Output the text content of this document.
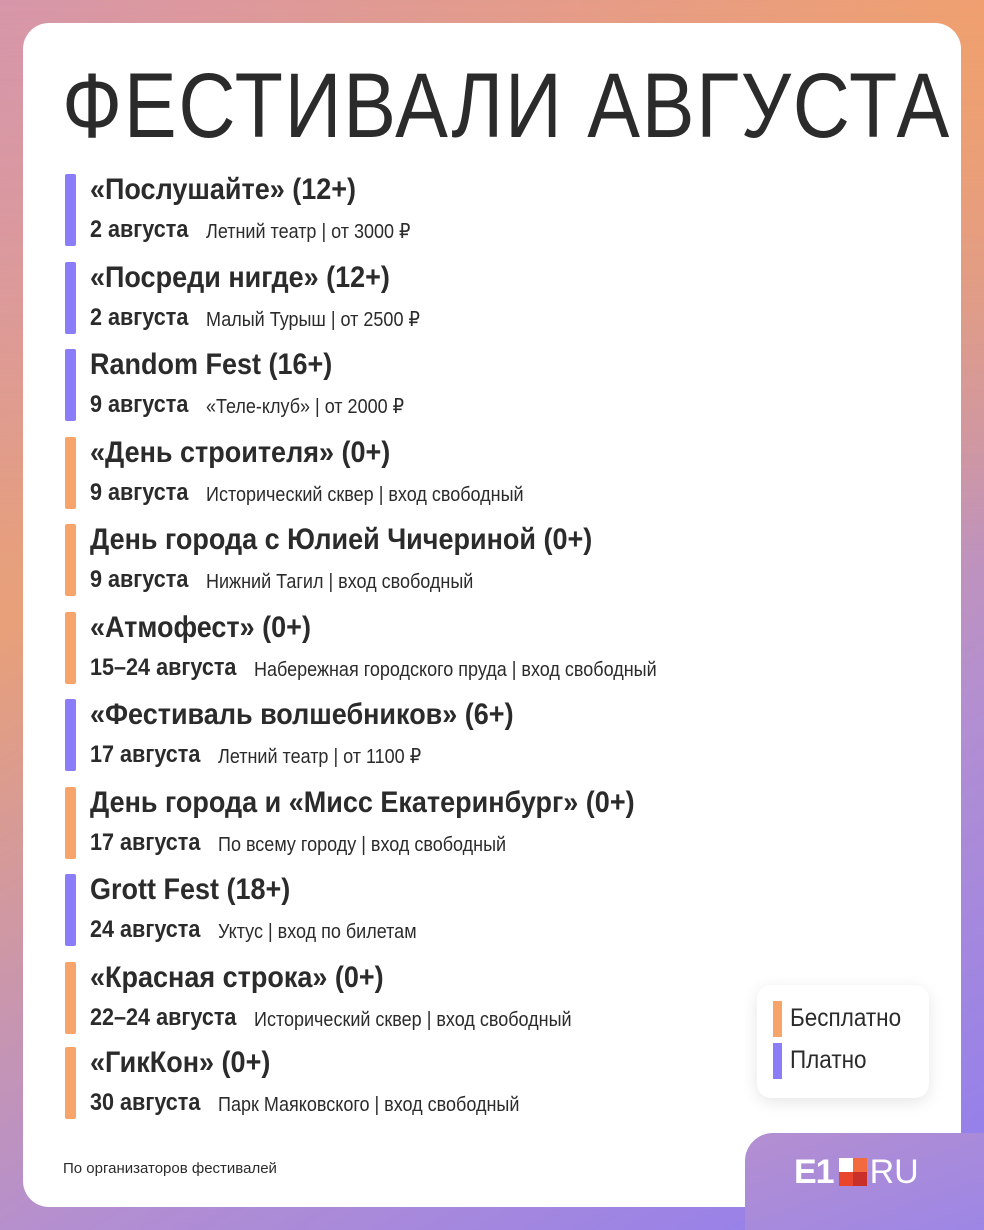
ФЕСТИВАЛИ АВГУСТА
«Послушайте» (12+)
2 августа Летний театр | от 3000 ₽
«Посреди нигде» (12+)
2 августа Малый Турыш | от 2500 ₽
Random Fest (16+)
9 августа «Теле-клуб» | от 2000 ₽
«День строителя» (0+)
9 августа Исторический сквер | вход свободный
День города с Юлией Чичериной (0+)
9 августа Нижний Тагил | вход свободный
«Атмофест» (0+)
15–24 августа Набережная городского пруда | вход свободный
«Фестиваль волшебников» (6+)
17 августа Летний театр | от 1100 ₽
День города и «Мисс Екатеринбург» (0+)
17 августа По всему городу | вход свободный
Grott Fest (18+)
24 августа Уктус | вход по билетам
«Красная строка» (0+)
22–24 августа Исторический сквер | вход свободный
«ГикКон» (0+)
30 августа Парк Маяковского | вход свободный
Бесплатно
Платно
По организаторов фестивалей	E1 RU
